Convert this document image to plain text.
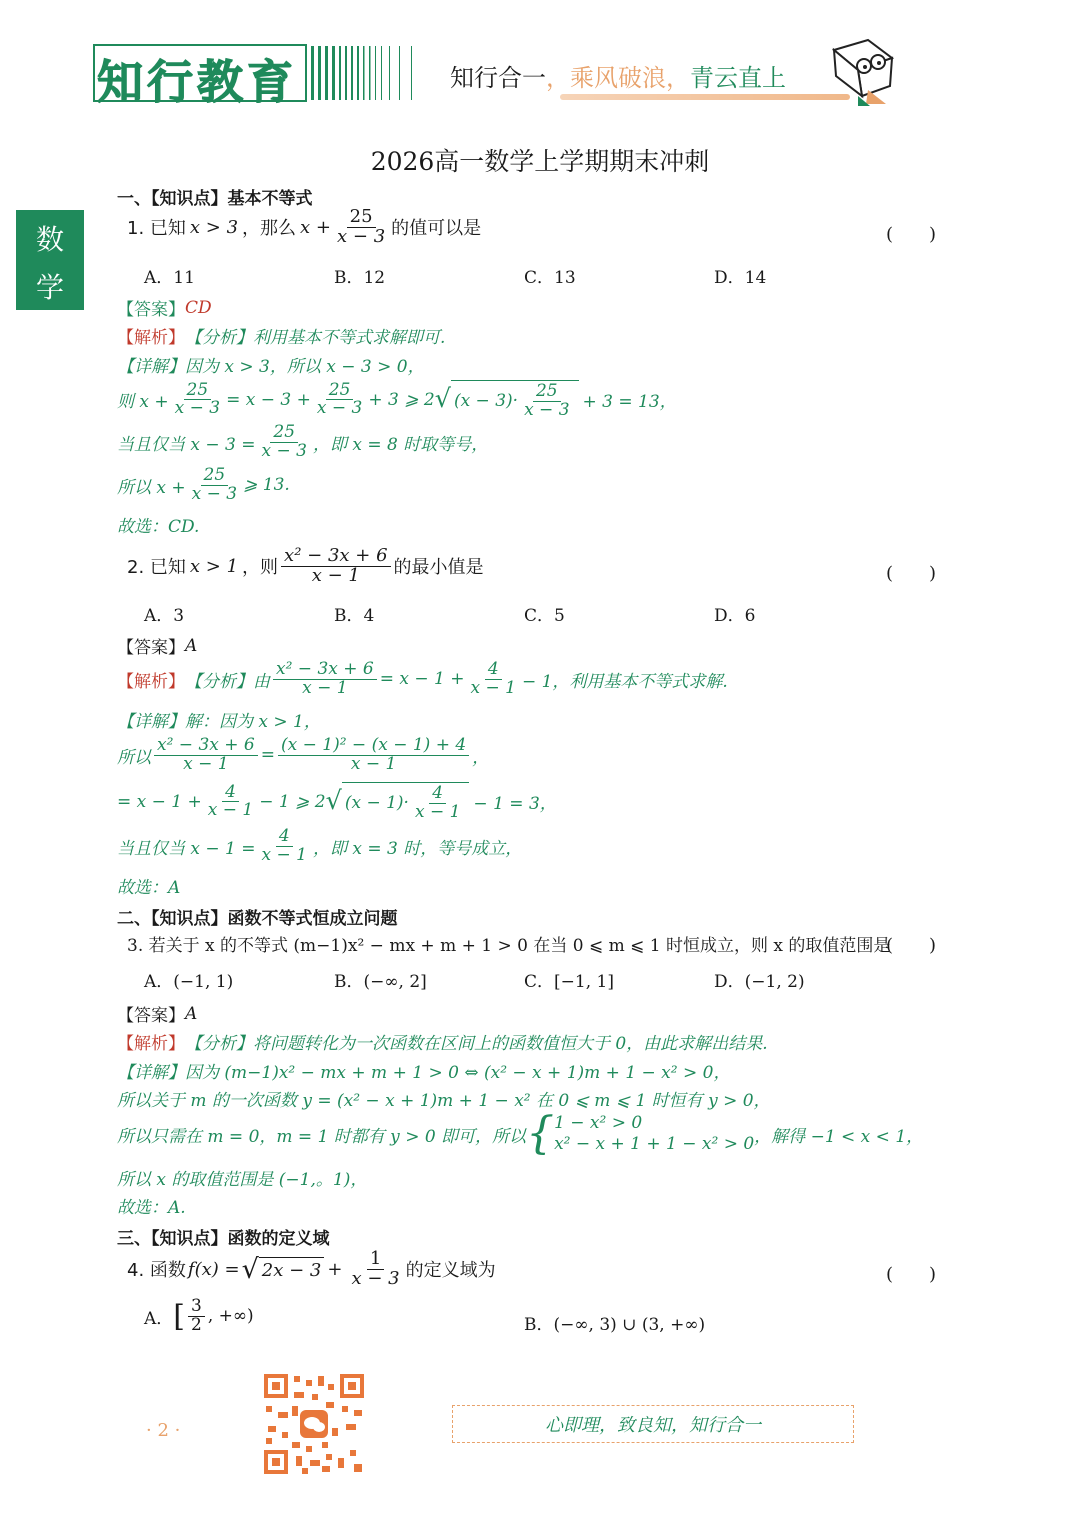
知行教育	知行合一，乘风破浪，青云直上
数
学
2026高一数学上学期期末冲刺
一、【知识点】基本不等式
1. 已知 x > 3 ，那么 $x + \frac{25}{x - 3}$ 的值可以是	(　　)
A．11	B．12	C．13	D．14
【答案】 CD
【解析】 【分析】利用基本不等式求解即可.
【详解】 因为 x > 3，所以 x − 3 > 0，
则 $x + \frac{25}{x - 3} = x - 3 + \frac{25}{x - 3} + 3$ ⩾ 2 √ $(x - 3)\cdot \frac{25}{x - 3} + 3 = 13$，
当且仅当 $x - 3 = \frac{25}{x - 3}$ ，即 x = 8 时取等号，
所以 $x + \frac{25}{x - 3}$ ⩾ 13.
故选：CD.
2. 已知 x > 1 ，则 $\frac{\text{x² − 3x + 6}}{x - 1}$ 的最小值是	(　　)
A．3	B．4	C．5	D．6
【答案】 A
【解析】 【分析】由 $\frac{\text{x² − 3x + 6}}{x - 1} = x - 1 + \frac{4}{x - 1} - 1$，利用基本不等式求解.
【详解】 解：因为 x > 1，
所以 $\frac{\text{x² − 3x + 6}}{x - 1} = \frac{\text{(x − 1)² − (x − 1) + 4}}{x - 1}$ ，
= $x - 1 + \frac{4}{x - 1} - 1$ ⩾ 2 √ $(x - 1)\cdot \frac{4}{x - 1} - 1 = 3$，
当且仅当 $x - 1 = \frac{4}{x - 1}$ ，即 x = 3 时，等号成立，
故选：A
二、【知识点】函数不等式恒成立问题
3. 若关于 x 的不等式 (m−1)x² − mx + m + 1 > 0 在当 0 ⩽ m ⩽ 1 时恒成立，则 x 的取值范围是
(　　)
A．(−1, 1)	B．(−∞, 2]	C．[−1, 1]	D．(−1, 2)
【答案】 A
【解析】 【分析】将问题转化为一次函数在区间上的函数值恒大于 0，由此求解出结果.
【详解】 因为 (m−1)x² − mx + m + 1 > 0 ⇔ (x² − x + 1)m + 1 − x² > 0，
所以关于 m 的一次函数 y = (x² − x + 1)m + 1 − x² 在 0 ⩽ m ⩽ 1 时恒有 y > 0，
所以只需在 m = 0，m = 1 时都有 y > 0 即可，所以 { 1 − x² > 0
x² − x + 1 + 1 − x² > 0 ，解得 −1 < x < 1，
所以 x 的取值范围是 (−1,。1)，
故选：A.
三、【知识点】函数的定义域
4. 函数 f(x) = √ $2x - 3 + \frac{1}{x - 3}$ 的定义域为	(　　)
A． [ $\frac{3}{2}$ , +∞)	B．(−∞, 3) ∪ (3, +∞)
· 2 ·	心即理，致良知，知行合一
